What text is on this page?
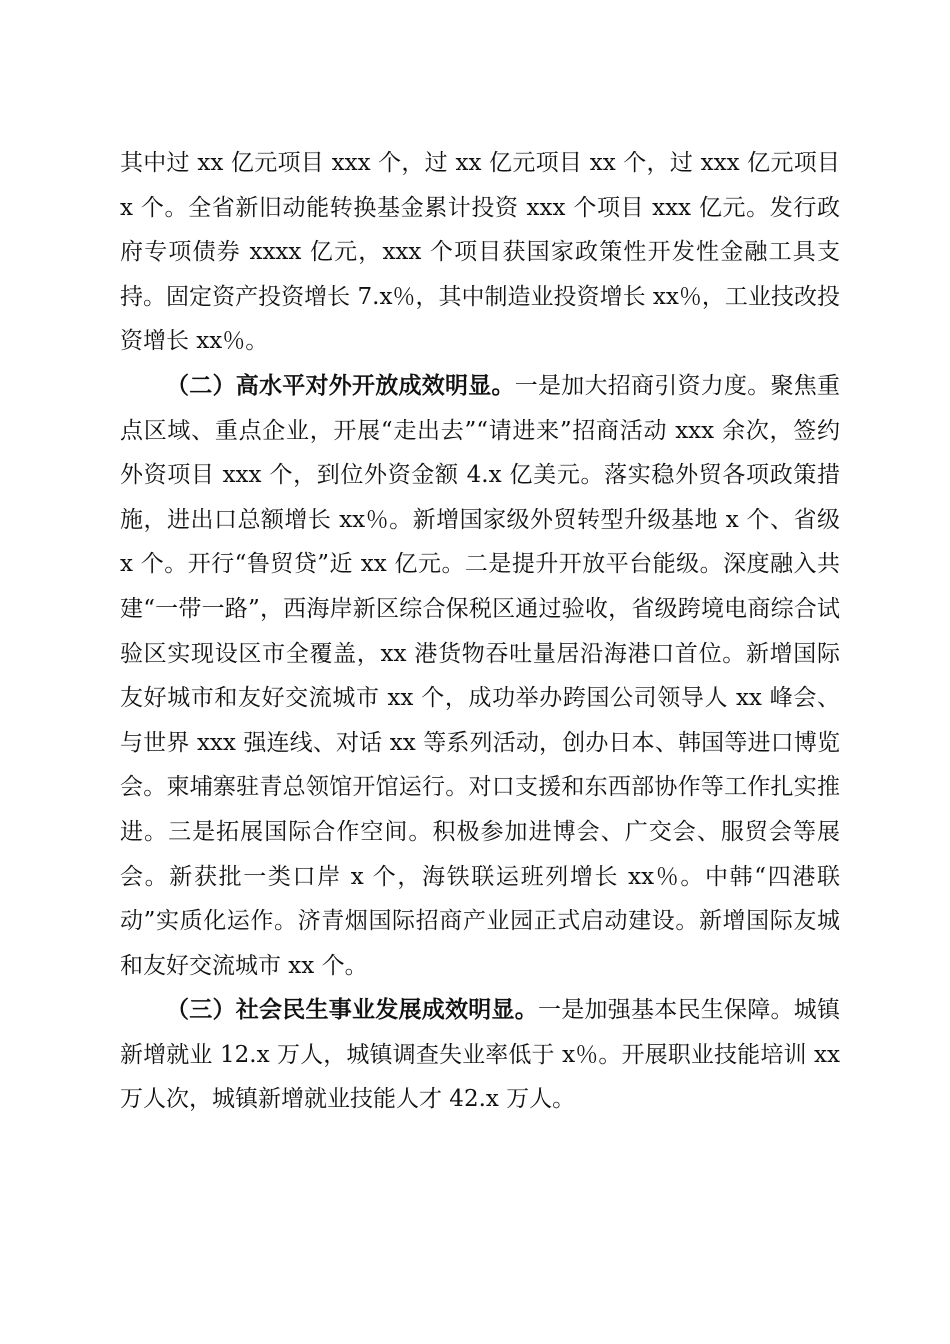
其中过 xx 亿元项目 xxx 个，过 xx 亿元项目 xx 个，过 xxx 亿元项目 x 个。全省新旧动能转换基金累计投资 xxx 个项目 xxx 亿元。发行政府专项债券 xxxx 亿元，xxx 个项目获国家政策性开发性金融工具支持。固定资产投资增长 7.x％，其中制造业投资增长 xx％，工业技改投资增长 xx％。

（二）高水平对外开放成效明显。一是加大招商引资力度。聚焦重点区域、重点企业，开展“走出去”“请进来”招商活动 xxx 余次，签约外资项目 xxx 个，到位外资金额 4.x 亿美元。落实稳外贸各项政策措施，进出口总额增长 xx％。新增国家级外贸转型升级基地 x 个、省级 x 个。开行“鲁贸贷”近 xx 亿元。二是提升开放平台能级。深度融入共建“一带一路”，西海岸新区综合保税区通过验收，省级跨境电商综合试验区实现设区市全覆盖，xx 港货物吞吐量居沿海港口首位。新增国际友好城市和友好交流城市 xx 个，成功举办跨国公司领导人 xx 峰会、与世界 xxx 强连线、对话 xx 等系列活动，创办日本、韩国等进口博览会。柬埔寨驻青总领馆开馆运行。对口支援和东西部协作等工作扎实推进。三是拓展国际合作空间。积极参加进博会、广交会、服贸会等展会。新获批一类口岸 x 个，海铁联运班列增长 xx％。中韩“四港联动”实质化运作。济青烟国际招商产业园正式启动建设。新增国际友城和友好交流城市 xx 个。

（三）社会民生事业发展成效明显。一是加强基本民生保障。城镇新增就业 12.x 万人，城镇调查失业率低于 x％。开展职业技能培训 xx 万人次，城镇新增就业技能人才 42.x 万人。
